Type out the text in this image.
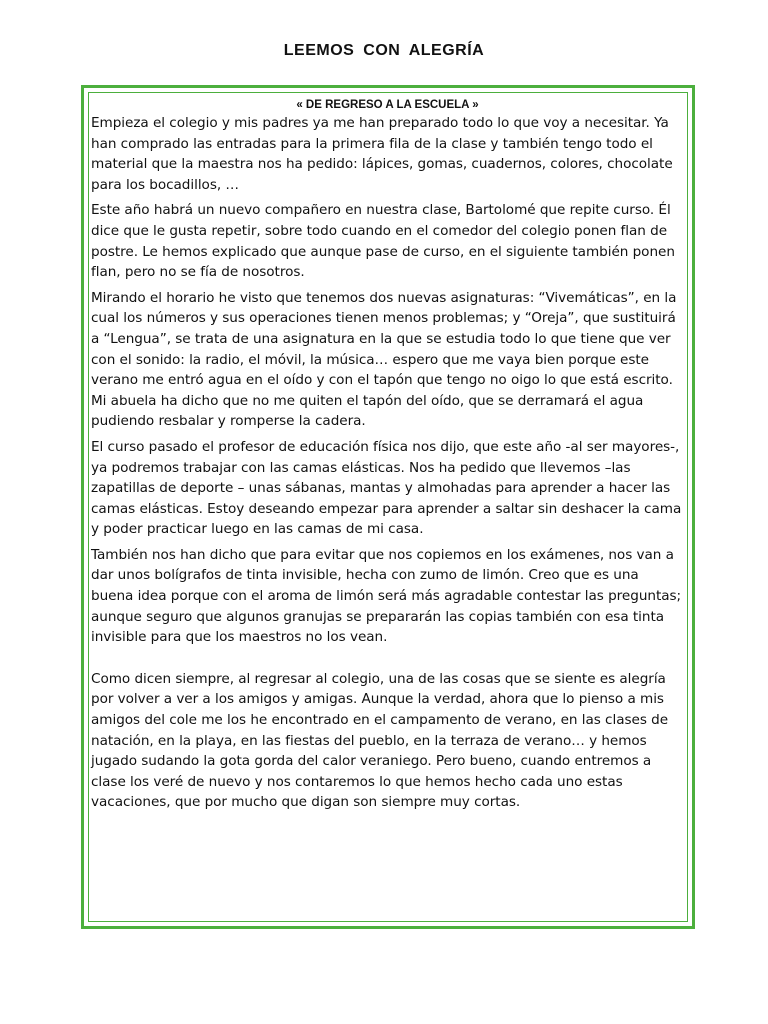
LEEMOS CON ALEGRÍA
« DE REGRESO A LA ESCUELA »

Empieza el colegio y mis padres ya me han preparado todo lo que voy a necesitar. Ya han comprado las entradas para la primera fila de la clase y también tengo todo el material que la maestra nos ha pedido: lápices, gomas, cuadernos, colores, chocolate para los bocadillos, …

Este año habrá un nuevo compañero en nuestra clase, Bartolomé que repite curso. Él dice que le gusta repetir, sobre todo cuando en el comedor del colegio ponen flan de postre. Le hemos explicado que aunque pase de curso, en el siguiente también ponen flan, pero no se fía de nosotros.

Mirando el horario he visto que tenemos dos nuevas asignaturas: “Vivemáticas”, en la cual los números y sus operaciones tienen menos problemas; y “Oreja”, que sustituirá a “Lengua”, se trata de una asignatura en la que se estudia todo lo que tiene que ver con el sonido: la radio, el móvil, la música… espero que me vaya bien porque este verano me entró agua en el oído y con el tapón que tengo no oigo lo que está escrito. Mi abuela ha dicho que no me quiten el tapón del oído, que se derramará el agua pudiendo resbalar y romperse la cadera.

El curso pasado el profesor de educación física nos dijo, que este año -al ser mayores-, ya podremos trabajar con las camas elásticas. Nos ha pedido que llevemos –las zapatillas de deporte – unas sábanas, mantas y almohadas para aprender a hacer las camas elásticas. Estoy deseando empezar para aprender a saltar sin deshacer la cama y poder practicar luego en las camas de mi casa.

También nos han dicho que para evitar que nos copiemos en los exámenes, nos van a dar unos bolígrafos de tinta invisible, hecha con zumo de limón. Creo que es una buena idea porque con el aroma de limón será más agradable contestar las preguntas; aunque seguro que algunos granujas se prepararán las copias también con esa tinta invisible para que los maestros no los vean.

Como dicen siempre, al regresar al colegio, una de las cosas que se siente es alegría por volver a ver a los amigos y amigas. Aunque la verdad, ahora que lo pienso a mis amigos del cole me los he encontrado en el campamento de verano, en las clases de natación, en la playa, en las fiestas del pueblo, en la terraza de verano… y hemos jugado sudando la gota gorda del calor veraniego. Pero bueno, cuando entremos a clase los veré de nuevo y nos contaremos lo que hemos hecho cada uno estas vacaciones, que por mucho que digan son siempre muy cortas.
